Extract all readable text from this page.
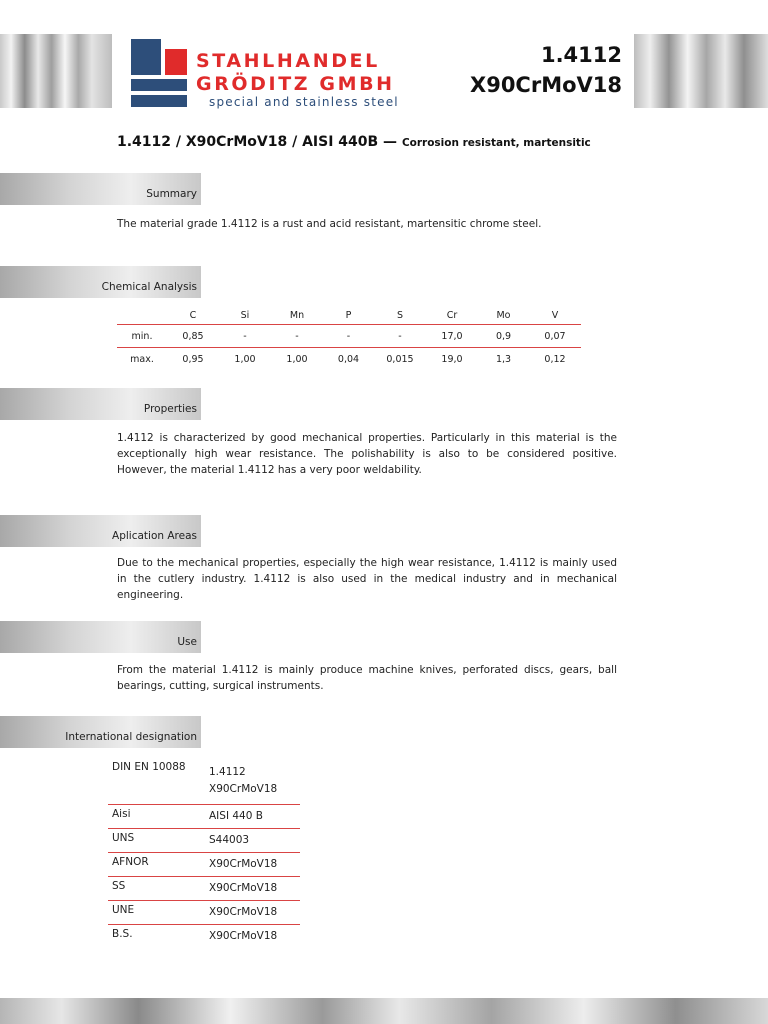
STAHLHANDEL
GRÖDITZ GMBH
special and stainless steel
1.4112
X90CrMoV18
1.4112 / X90CrMoV18 / AISI 440B — Corrosion resistant, martensitic
Summary
The material grade 1.4112 is a rust and acid resistant, martensitic chrome steel.
Chemical Analysis
	C	Si	Mn	P	S	Cr	Mo	V
min.	0,85	-	-	-	-	17,0	0,9	0,07
max.	0,95	1,00	1,00	0,04	0,015	19,0	1,3	0,12
Properties
1.4112 is characterized by good mechanical properties. Particularly in this material is the exceptionally high wear resistance. The polishability is also to be considered positive. However, the material 1.4112 has a very poor weldability.
Aplication Areas
Due to the mechanical properties, especially the high wear resistance, 1.4112 is mainly used in the cutlery industry. 1.4112 is also used in the medical industry and in mechanical engineering.
Use
From the material 1.4112 is mainly produce machine knives, perforated discs, gears, ball bearings, cutting, surgical instruments.
International designation
DIN EN 10088	1.4112
X90CrMoV18

Aisi	AISI 440 B
UNS	S44003
AFNOR	X90CrMoV18
SS	X90CrMoV18
UNE	X90CrMoV18
B.S.	X90CrMoV18
